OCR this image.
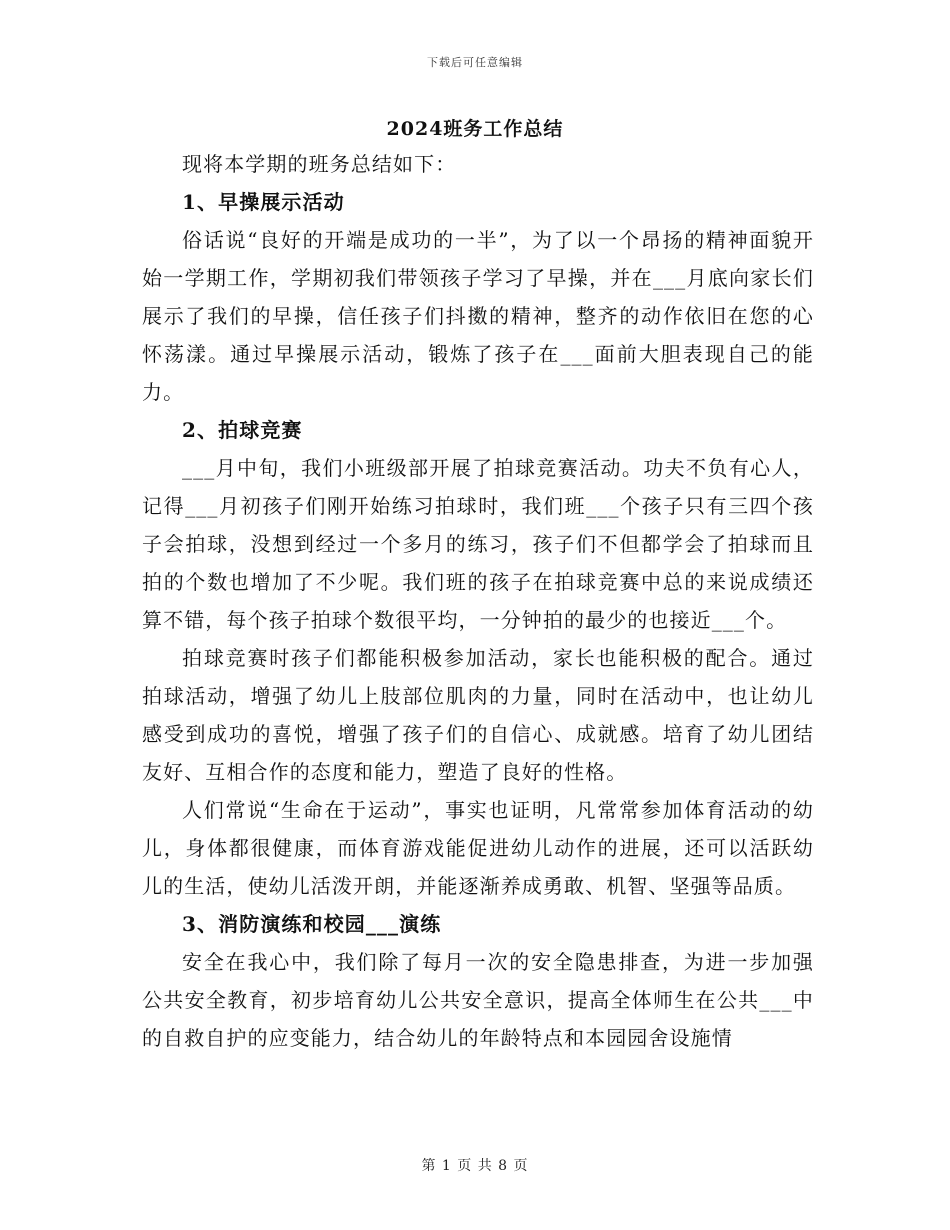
下载后可任意编辑
2024班务工作总结

现将本学期的班务总结如下：

1、早操展示活动

俗话说“良好的开端是成功的一半”，为了以一个昂扬的精神面貌开始一学期工作，学期初我们带领孩子学习了早操，并在___月底向家长们展示了我们的早操，信任孩子们抖擞的精神，整齐的动作依旧在您的心怀荡漾。通过早操展示活动，锻炼了孩子在___面前大胆表现自己的能力。

2、拍球竞赛

___月中旬，我们小班级部开展了拍球竞赛活动。功夫不负有心人，记得___月初孩子们刚开始练习拍球时，我们班___个孩子只有三四个孩子会拍球，没想到经过一个多月的练习，孩子们不但都学会了拍球而且拍的个数也增加了不少呢。我们班的孩子在拍球竞赛中总的来说成绩还算不错，每个孩子拍球个数很平均，一分钟拍的最少的也接近___个。

拍球竞赛时孩子们都能积极参加活动，家长也能积极的配合。通过拍球活动，增强了幼儿上肢部位肌肉的力量，同时在活动中，也让幼儿感受到成功的喜悦，增强了孩子们的自信心、成就感。培育了幼儿团结友好、互相合作的态度和能力，塑造了良好的性格。

人们常说“生命在于运动”，事实也证明，凡常常参加体育活动的幼儿，身体都很健康，而体育游戏能促进幼儿动作的进展，还可以活跃幼儿的生活，使幼儿活泼开朗，并能逐渐养成勇敢、机智、坚强等品质。

3、消防演练和校园___演练

安全在我心中，我们除了每月一次的安全隐患排查，为进一步加强公共安全教育，初步培育幼儿公共安全意识，提高全体师生在公共___中的自救自护的应变能力，结合幼儿的年龄特点和本园园舍设施情

第 1 页 共 8 页
